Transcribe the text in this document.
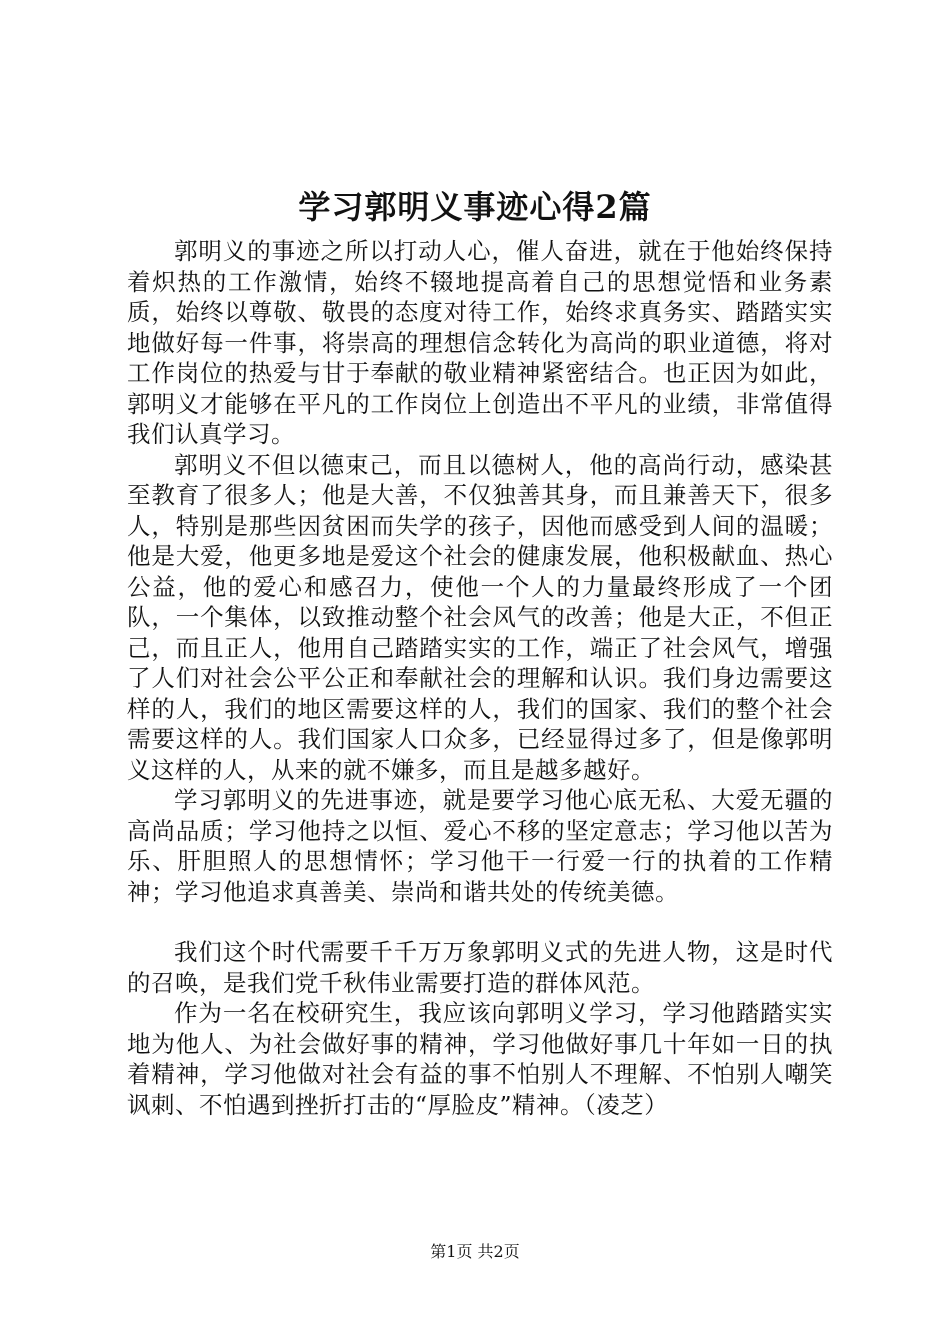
学习郭明义事迹心得2篇

郭明义的事迹之所以打动人心，催人奋进，就在于他始终保持着炽热的工作激情，始终不辍地提高着自己的思想觉悟和业务素质，始终以尊敬、敬畏的态度对待工作，始终求真务实、踏踏实实地做好每一件事，将崇高的理想信念转化为高尚的职业道德，将对工作岗位的热爱与甘于奉献的敬业精神紧密结合。也正因为如此，郭明义才能够在平凡的工作岗位上创造出不平凡的业绩，非常值得我们认真学习。

郭明义不但以德束己，而且以德树人，他的高尚行动，感染甚至教育了很多人；他是大善，不仅独善其身，而且兼善天下，很多人，特别是那些因贫困而失学的孩子，因他而感受到人间的温暖；他是大爱，他更多地是爱这个社会的健康发展，他积极献血、热心公益，他的爱心和感召力，使他一个人的力量最终形成了一个团队，一个集体，以致推动整个社会风气的改善；他是大正，不但正己，而且正人，他用自己踏踏实实的工作，端正了社会风气，增强了人们对社会公平公正和奉献社会的理解和认识。我们身边需要这样的人，我们的地区需要这样的人，我们的国家、我们的整个社会需要这样的人。我们国家人口众多，已经显得过多了，但是像郭明义这样的人，从来的就不嫌多，而且是越多越好。

学习郭明义的先进事迹，就是要学习他心底无私、大爱无疆的高尚品质；学习他持之以恒、爱心不移的坚定意志；学习他以苦为乐、肝胆照人的思想情怀；学习他干一行爱一行的执着的工作精神；学习他追求真善美、崇尚和谐共处的传统美德。

我们这个时代需要千千万万象郭明义式的先进人物，这是时代的召唤，是我们党千秋伟业需要打造的群体风范。

作为一名在校研究生，我应该向郭明义学习，学习他踏踏实实地为他人、为社会做好事的精神，学习他做好事几十年如一日的执着精神，学习他做对社会有益的事不怕别人不理解、不怕别人嘲笑讽刺、不怕遇到挫折打击的“厚脸皮”精神。（凌芝）

第1页 共2页
